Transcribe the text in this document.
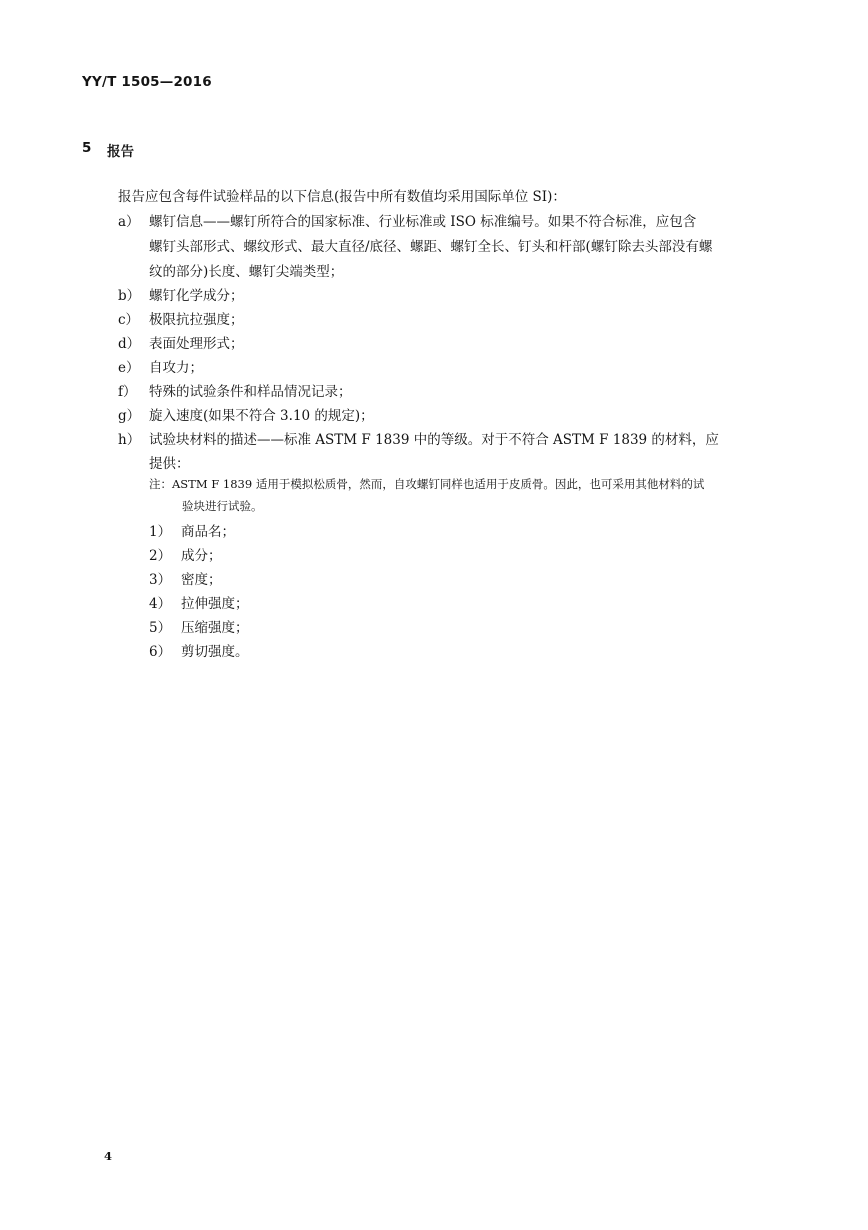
YY/T 1505—2016

5 报告

报告应包含每件试验样品的以下信息(报告中所有数值均采用国际单位 SI)：

a） 螺钉信息——螺钉所符合的国家标准、行业标准或 ISO 标准编号。如果不符合标准，应包含
螺钉头部形式、螺纹形式、最大直径/底径、螺距、螺钉全长、钉头和杆部(螺钉除去头部没有螺
纹的部分)长度、螺钉尖端类型；
b） 螺钉化学成分；
c） 极限抗拉强度；
d） 表面处理形式；
e） 自攻力；
f） 特殊的试验条件和样品情况记录；
g） 旋入速度(如果不符合 3.10 的规定)；
h） 试验块材料的描述——标准 ASTM F 1839 中的等级。对于不符合 ASTM F 1839 的材料，应
提供：
注：ASTM F 1839 适用于模拟松质骨，然而，自攻螺钉同样也适用于皮质骨。因此，也可采用其他材料的试
验块进行试验。
1） 商品名；
2） 成分；
3） 密度；
4） 拉伸强度；
5） 压缩强度；
6） 剪切强度。
4
